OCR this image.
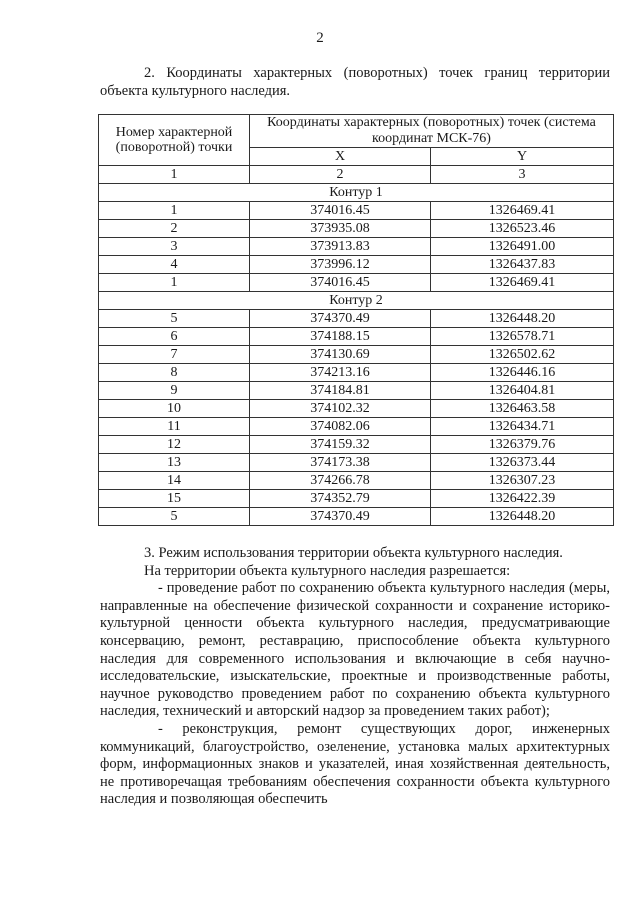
2
2. Координаты характерных (поворотных) точек границ территории объекта культурного наследия.
Номер характерной (поворотной) точки	Координаты характерных (поворотных) точек (система координат МСК-76)	
	X	Y
1	2	3
Контур 1		
1	374016.45	1326469.41
2	373935.08	1326523.46
3	373913.83	1326491.00
4	373996.12	1326437.83
1	374016.45	1326469.41
Контур 2		
5	374370.49	1326448.20
6	374188.15	1326578.71
7	374130.69	1326502.62
8	374213.16	1326446.16
9	374184.81	1326404.81
10	374102.32	1326463.58
11	374082.06	1326434.71
12	374159.32	1326379.76
13	374173.38	1326373.44
14	374266.78	1326307.23
15	374352.79	1326422.39
5	374370.49	1326448.20

3. Режим использования территории объекта культурного наследия.

На территории объекта культурного наследия разрешается:

- проведение работ по сохранению объекта культурного наследия (меры, направленные на обеспечение физической сохранности и сохранение историко-культурной ценности объекта культурного наследия, предусматривающие консервацию, ремонт, реставрацию, приспособление объекта культурного наследия для современного использования и включающие в себя научно-исследовательские, изыскательские, проектные и производственные работы, научное руководство проведением работ по сохранению объекта культурного наследия, технический и авторский надзор за проведением таких работ);

- реконструкция, ремонт существующих дорог, инженерных коммуникаций, благоустройство, озеленение, установка малых архитектурных форм, информационных знаков и указателей, иная хозяйственная деятельность, не противоречащая требованиям обеспечения сохранности объекта культурного наследия и позволяющая обеспечить
